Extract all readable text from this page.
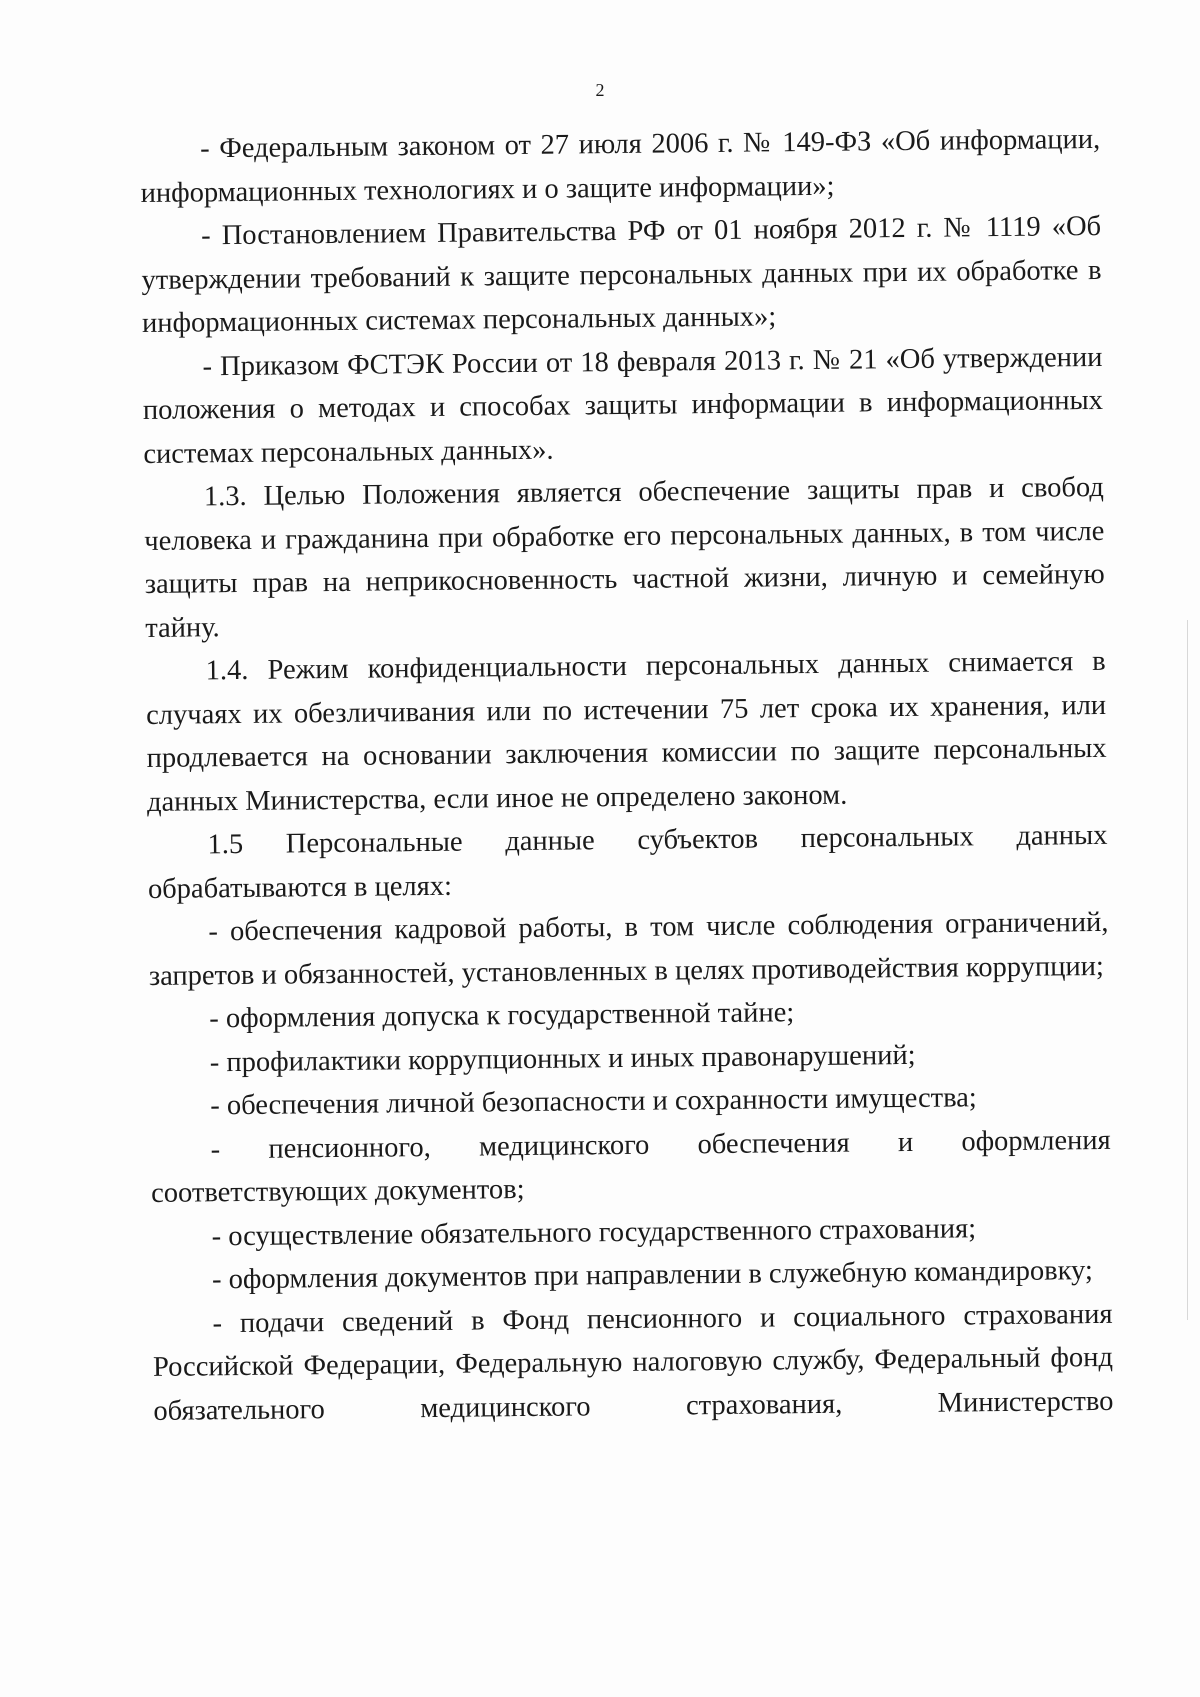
2

- Федеральным законом от 27 июля 2006 г. № 149-ФЗ «Об информации, информационных технологиях и о защите информации»;

- Постановлением Правительства РФ от 01 ноября 2012 г. № 1119 «Об утверждении требований к защите персональных данных при их обработке в информационных системах персональных данных»;

- Приказом ФСТЭК России от 18 февраля 2013 г. № 21 «Об утверждении положения о методах и способах защиты информации в информационных системах персональных данных».

1.3. Целью Положения является обеспечение защиты прав и свобод человека и гражданина при обработке его персональных данных, в том числе защиты прав на неприкосновенность частной жизни, личную и семейную тайну.

1.4. Режим конфиденциальности персональных данных снимается в случаях их обезличивания или по истечении 75 лет срока их хранения, или продлевается на основании заключения комиссии по защите персональных данных Министерства, если иное не определено законом.

1.5 Персональные данные субъектов персональных данных обрабатываются в целях:

- обеспечения кадровой работы, в том числе соблюдения ограничений, запретов и обязанностей, установленных в целях противодействия коррупции;

- оформления допуска к государственной тайне;

- профилактики коррупционных и иных правонарушений;

- обеспечения личной безопасности и сохранности имущества;

- пенсионного, медицинского обеспечения и оформления соответствующих документов;

- осуществление обязательного государственного страхования;

- оформления документов при направлении в служебную командировку;

- подачи сведений в Фонд пенсионного и социального страхования Российской Федерации, Федеральную налоговую службу, Федеральный фонд обязательного медицинского страхования, Министерство
